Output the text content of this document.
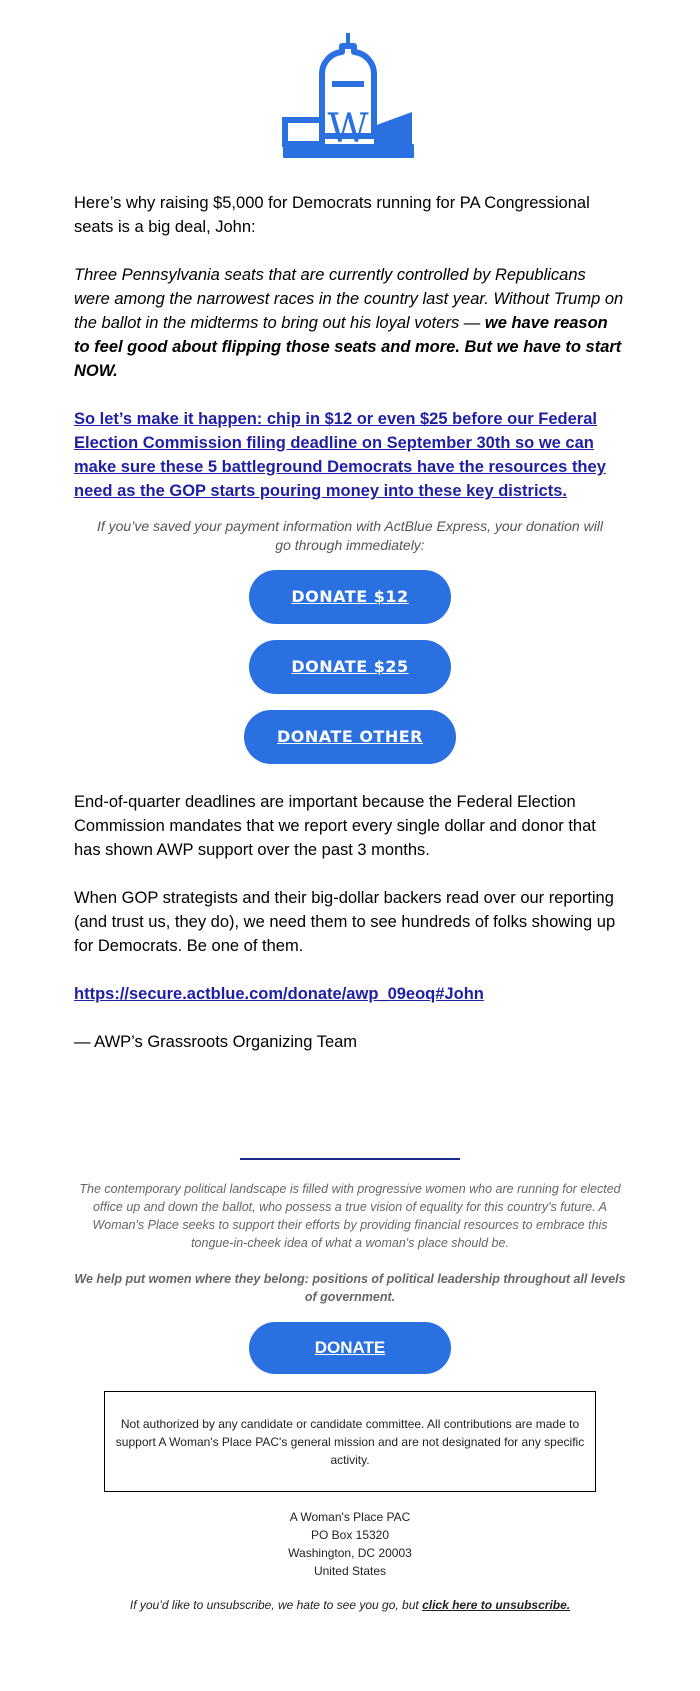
W

Here’s why raising $5,000 for Democrats running for PA Congressional seats is a big deal, John:

Three Pennsylvania seats that are currently controlled by Republicans were among the narrowest races in the country last year. Without Trump on the ballot in the midterms to bring out his loyal voters — we have reason to feel good about flipping those seats and more. But we have to start NOW.

So let’s make it happen: chip in $12 or even $25 before our Federal Election Commission filing deadline on September 30th so we can make sure these 5 battleground Democrats have the resources they need as the GOP starts pouring money into these key districts.
If you’ve saved your payment information with ActBlue Express, your donation will go through immediately:
DONATE $12
DONATE $25
DONATE OTHER

End-of-quarter deadlines are important because the Federal Election Commission mandates that we report every single dollar and donor that has shown AWP support over the past 3 months.

When GOP strategists and their big-dollar backers read over our reporting (and trust us, they do), we need them to see hundreds of folks showing up for Democrats. Be one of them.

https://secure.actblue.com/donate/awp_09eoq#John

— AWP’s Grassroots Organizing Team

The contemporary political landscape is filled with progressive women who are running for elected office up and down the ballot, who possess a true vision of equality for this country's future. A Woman's Place seeks to support their efforts by providing financial resources to embrace this tongue-in-cheek idea of what a woman's place should be.
We help put women where they belong: positions of political leadership throughout all levels of government.
DONATE
Not authorized by any candidate or candidate committee. All contributions are made to support A Woman's Place PAC's general mission and are not designated for any specific activity.
A Woman's Place PAC
PO Box 15320
Washington, DC 20003
United States
If you’d like to unsubscribe, we hate to see you go, but click here to unsubscribe.
